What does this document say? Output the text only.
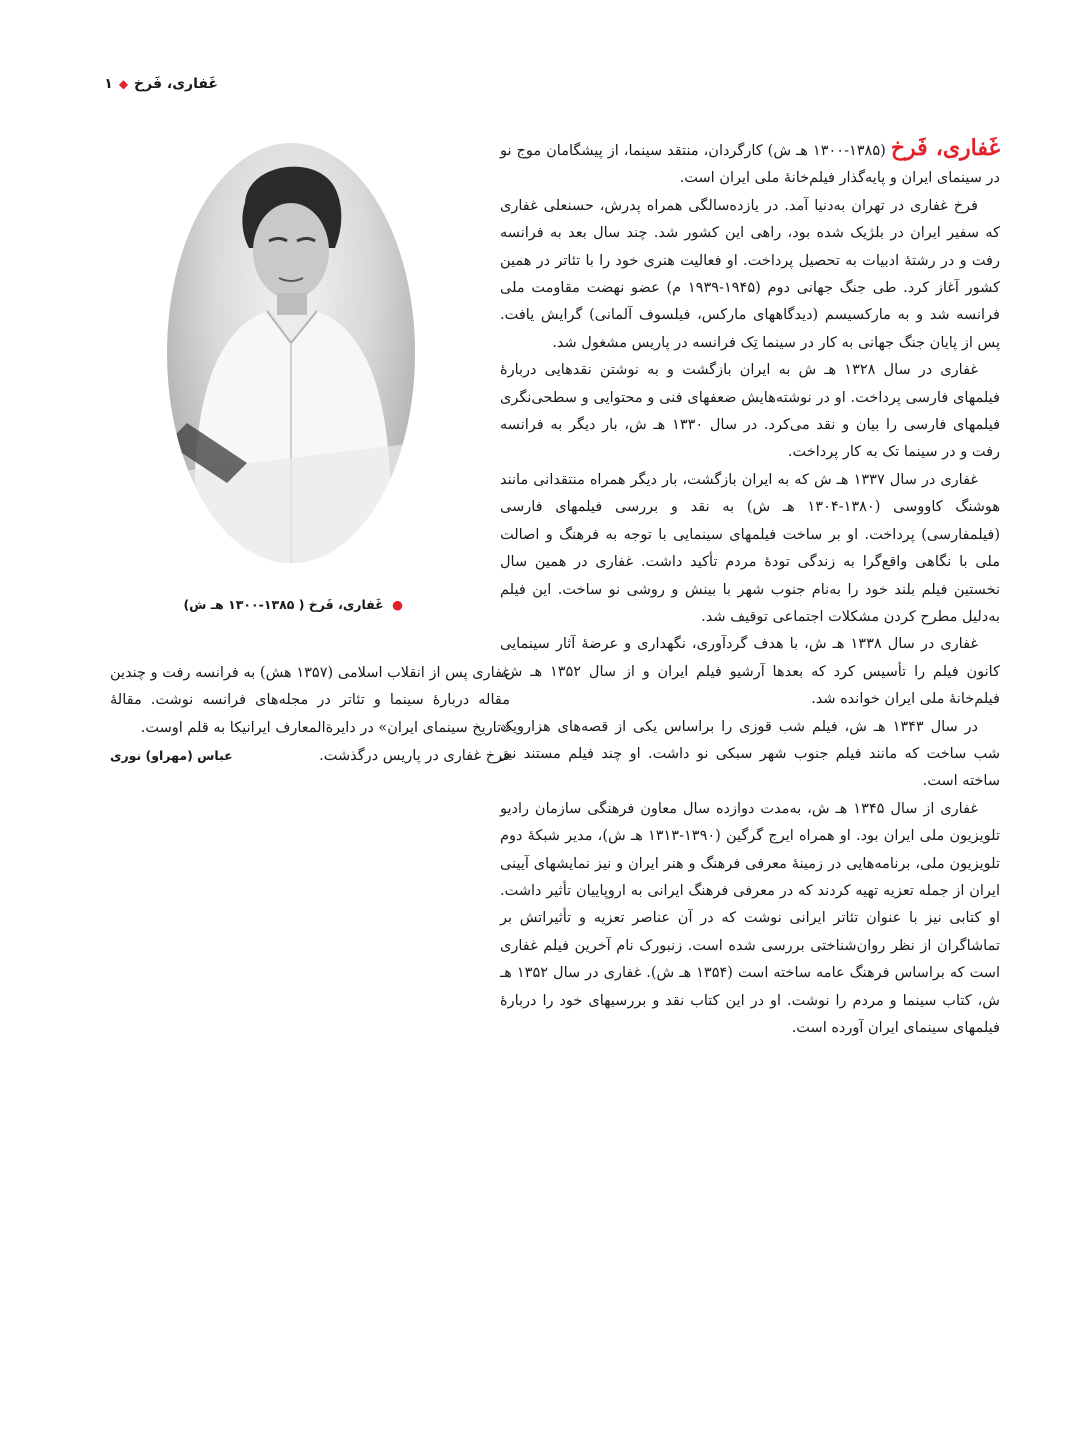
غَفاری، فَرخ
◆
۱

غَفاری، فَرخ (۱۳۸۵-۱۳۰۰ هـ ش) کارگردان، منتقد سینما، از پیشگامان موج نو در سینمای ایران و پایه‌گذار فیلم‌خانهٔ ملی ایران است.

فرخ غفاری در تهران به‌دنیا آمد. در یازده‌سالگی همراه پدرش، حسنعلی غفاری که سفیر ایران در بلژیک شده بود، راهی این کشور شد. چند سال بعد به فرانسه رفت و در رشتهٔ ادبیات به تحصیل پرداخت. او فعالیت هنری خود را با تئاتر در همین کشور آغاز کرد. طی جنگ جهانی دوم (۱۹۴۵-۱۹۳۹ م) عضو نهضت مقاومت ملی فرانسه شد و به مارکسیسم (دیدگاههای مارکس، فیلسوف آلمانی) گرایش یافت. پس از پایان جنگ جهانی به کار در سینما تِک فرانسه در پاریس مشغول شد.

غفاری در سال ۱۳۲۸ هـ ش به ایران بازگشت و به نوشتن نقدهایی دربارهٔ فیلمهای فارسی پرداخت. او در نوشته‌هایش ضعفهای فنی و محتوایی و سطحی‌نگری فیلمهای فارسی را بیان و نقد می‌کرد. در سال ۱۳۳۰ هـ ش، بار دیگر به فرانسه رفت و در سینما تک به کار پرداخت.

غفاری در سال ۱۳۳۷ هـ ش که به ایران بازگشت، بار دیگر همراه منتقدانی مانند هوشنگ کاووسی (۱۳۸۰-۱۳۰۴ هـ ش) به نقد و بررسی فیلمهای فارسی (فیلمفارسی) پرداخت. او بر ساخت فیلمهای سینمایی با توجه به فرهنگ و اصالت ملی با نگاهی واقع‌گرا به زندگی تودهٔ مردم تأکید داشت. غفاری در همین سال نخستین فیلم بلند خود را به‌نام جنوب شهر با بینش و روشی نو ساخت. این فیلم به‌دلیل مطرح کردن مشکلات اجتماعی توقیف شد.

غفاری در سال ۱۳۳۸ هـ ش، با هدف گردآوری، نگهداری و عرضهٔ آثار سینمایی کانون فیلم را تأسیس کرد که بعدها آرشیو فیلم ایران و از سال ۱۳۵۲ هـ ش، فیلم‌خانهٔ ملی ایران خوانده شد.

در سال ۱۳۴۳ هـ ش، فیلم شب قوزی را براساس یکی از قصه‌های هزارویک شب ساخت که مانند فیلم جنوب شهر سبکی نو داشت. او چند فیلم مستند نیز ساخته است.

غفاری از سال ۱۳۴۵ هـ ش، به‌مدت دوازده سال معاون فرهنگی سازمان رادیو تلویزیون ملی ایران بود. او همراه ایرج گرگین (۱۳۹۰-۱۳۱۳ هـ ش)، مدیر شبکهٔ دوم تلویزیون ملی، برنامه‌هایی در زمینهٔ معرفی فرهنگ و هنر ایران و نیز نمایشهای آیینی ایران از جمله تعزیه تهیه کردند که در معرفی فرهنگ ایرانی به اروپاییان تأثیر داشت. او کتابی نیز با عنوان تئاتر ایرانی نوشت که در آن عناصر تعزیه و تأثیراتش بر تماشاگران از نظر روان‌شناختی بررسی شده است. زنبورک نام آخرین فیلم غفاری است که براساس فرهنگ عامه ساخته است (۱۳۵۴ هـ ش). غفاری در سال ۱۳۵۲ هـ ش، کتاب سینما و مردم را نوشت. او در این کتاب نقد و بررسیهای خود را دربارهٔ فیلمهای سینمای ایران آورده است.

● غَفاری، فَرخ ( ۱۳۸۵-۱۳۰۰ هـ ش)

غفاری پس از انقلاب اسلامی (۱۳۵۷ هش) به فرانسه رفت و چندین مقاله دربارهٔ سینما و تئاتر در مجله‌های فرانسه نوشت. مقالهٔ «تاریخ سینمای ایران» در دایرةالمعارف ایرانیکا به قلم اوست.

فرخ غفاری در پاریس درگذشت.
عباس (مهراو) نوری
